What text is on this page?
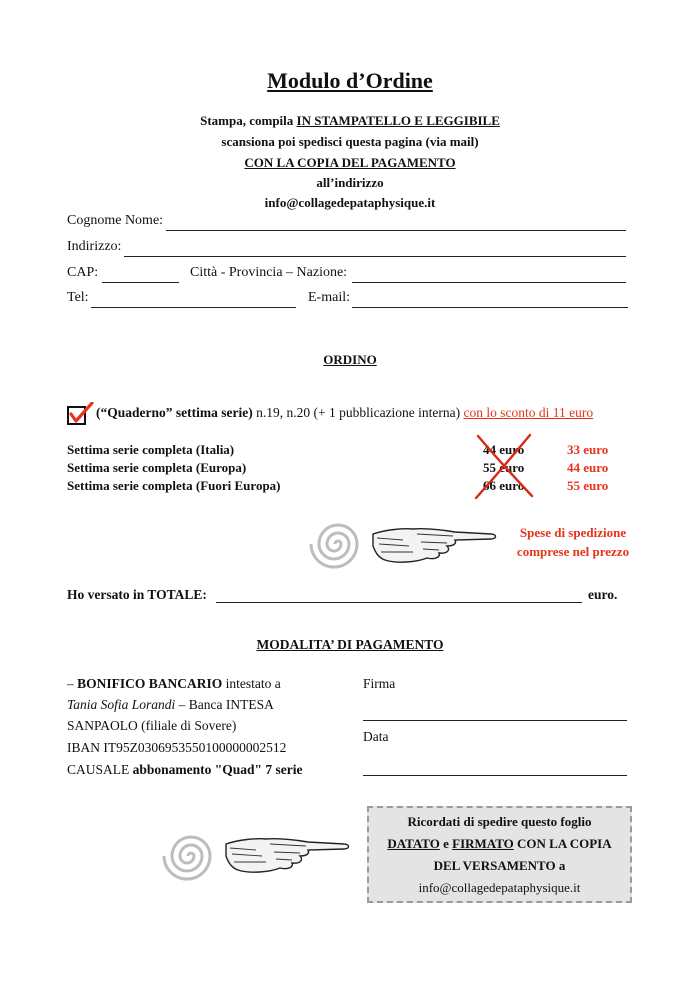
Modulo d’Ordine
Stampa, compila IN STAMPATELLO E LEGGIBILE
scansiona poi spedisci questa pagina (via mail)
CON LA COPIA DEL PAGAMENTO
all’indirizzo
info@collagedepataphysique.it
Cognome Nome:
Indirizzo:
CAP:	Città - Provincia – Nazione:
Tel:	E-mail:
ORDINO
(“Quaderno” settima serie) n.19, n.20 (+ 1 pubblicazione interna) con lo sconto di 11 euro
Settima serie completa (Italia)	44 euro	33 euro
Settima serie completa (Europa)	55 euro	44 euro
Settima serie completa (Fuori Europa)	66 euro	55 euro
Spese di spedizione
comprese nel prezzo
Ho versato in TOTALE:	euro.
MODALITA’ DI PAGAMENTO
– BONIFICO BANCARIO intestato a
Tania Sofia Lorandi – Banca INTESA
SANPAOLO (filiale di Sovere)
IBAN IT95Z0306953550100000002512
CAUSALE abbonamento "Quad" 7 serie
Firma
Data
Ricordati di spedire questo foglio
DATATO e FIRMATO CON LA COPIA
DEL VERSAMENTO a
info@collagedepataphysique.it
